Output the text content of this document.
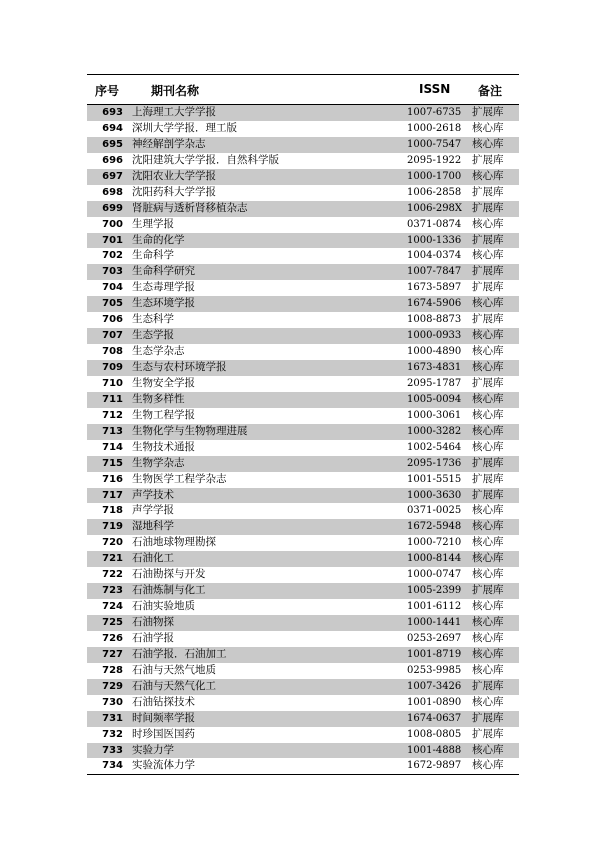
序号	期刊名称	ISSN 备注
693 上海理工大学学报	1007-6735 扩展库
694 深圳大学学报．理工版	1000-2618 核心库
695 神经解剖学杂志	1000-7547 核心库
696 沈阳建筑大学学报．自然科学版	2095-1922 扩展库
697 沈阳农业大学学报	1000-1700 核心库
698 沈阳药科大学学报	1006-2858 扩展库
699 肾脏病与透析肾移植杂志	1006-298X 扩展库
700 生理学报	0371-0874 核心库
701 生命的化学	1000-1336 扩展库
702 生命科学	1004-0374 核心库
703 生命科学研究	1007-7847 扩展库
704 生态毒理学报	1673-5897 扩展库
705 生态环境学报	1674-5906 核心库
706 生态科学	1008-8873 扩展库
707 生态学报	1000-0933 核心库
708 生态学杂志	1000-4890 核心库
709 生态与农村环境学报	1673-4831 核心库
710 生物安全学报	2095-1787 扩展库
711 生物多样性	1005-0094 核心库
712 生物工程学报	1000-3061 核心库
713 生物化学与生物物理进展	1000-3282 核心库
714 生物技术通报	1002-5464 核心库
715 生物学杂志	2095-1736 扩展库
716 生物医学工程学杂志	1001-5515 扩展库
717 声学技术	1000-3630 扩展库
718 声学学报	0371-0025 核心库
719 湿地科学	1672-5948 核心库
720 石油地球物理勘探	1000-7210 核心库
721 石油化工	1000-8144 核心库
722 石油勘探与开发	1000-0747 核心库
723 石油炼制与化工	1005-2399 扩展库
724 石油实验地质	1001-6112 核心库
725 石油物探	1000-1441 核心库
726 石油学报	0253-2697 核心库
727 石油学报．石油加工	1001-8719 核心库
728 石油与天然气地质	0253-9985 核心库
729 石油与天然气化工	1007-3426 扩展库
730 石油钻探技术	1001-0890 核心库
731 时间频率学报	1674-0637 扩展库
732 时珍国医国药	1008-0805 扩展库
733 实验力学	1001-4888 核心库
734 实验流体力学	1672-9897 核心库
